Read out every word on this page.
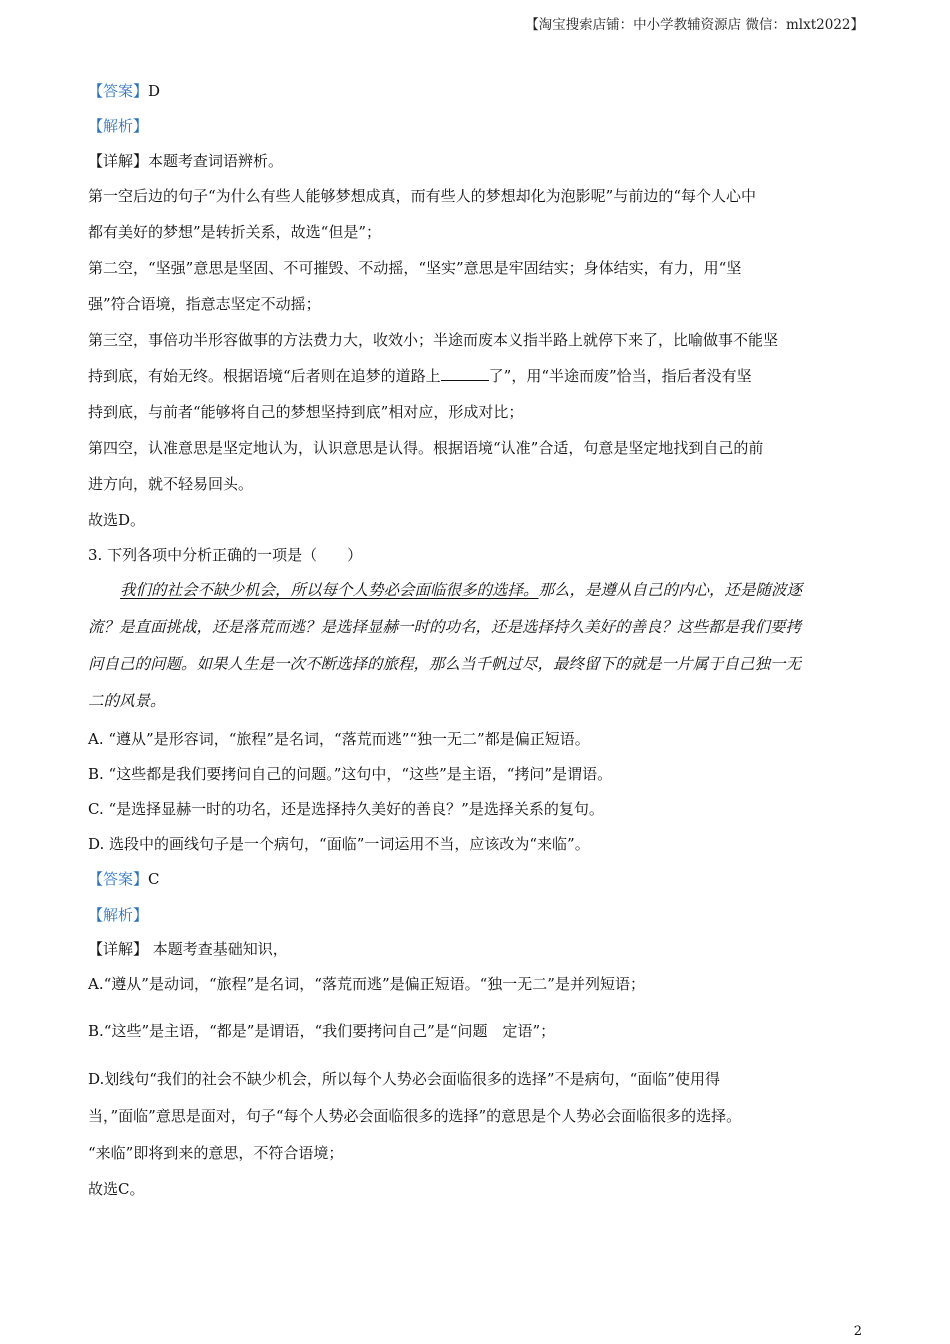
【淘宝搜索店铺：中小学教辅资源店 微信：mlxt2022】
【答案】D
【解析】
【详解】本题考查词语辨析。
第一空后边的句子“为什么有些人能够梦想成真，而有些人的梦想却化为泡影呢”与前边的“每个人心中
都有美好的梦想”是转折关系，故选“但是”；
第二空，“坚强”意思是坚固、不可摧毁、不动摇，“坚实”意思是牢固结实；身体结实，有力，用“坚
强”符合语境，指意志坚定不动摇；
第三空，事倍功半形容做事的方法费力大，收效小；半途而废本义指半路上就停下来了，比喻做事不能坚
持到底，有始无终。根据语境“后者则在追梦的道路上	了”，用“半途而废”恰当，指后者没有坚
持到底，与前者“能够将自己的梦想坚持到底”相对应，形成对比；
第四空，认准意思是坚定地认为，认识意思是认得。根据语境“认准”合适，句意是坚定地找到自己的前
进方向，就不轻易回头。
故选D。
3. 下列各项中分析正确的一项是（　　）
我们的社会不缺少机会，所以每个人势必会面临很多的选择。那么，是遵从自己的内心，还是随波逐
流？是直面挑战，还是落荒而逃？是选择显赫一时的功名，还是选择持久美好的善良？这些都是我们要拷
问自己的问题。如果人生是一次不断选择的旅程，那么当千帆过尽，最终留下的就是一片属于自己独一无
二的风景。
A. “遵从”是形容词，“旅程”是名词，“落荒而逃”“独一无二”都是偏正短语。
B. “这些都是我们要拷问自己的问题。”这句中，“这些”是主语，“拷问”是谓语。
C. “是选择显赫一时的功名，还是选择持久美好的善良？”是选择关系的复句。
D. 选段中的画线句子是一个病句，“面临”一词运用不当，应该改为“来临”。
【答案】C
【解析】
【详解】 本题考查基础知识，
A.“遵从”是动词，“旅程”是名词，“落荒而逃”是偏正短语。“独一无二”是并列短语；
B.“这些”是主语，“都是”是谓语，“我们要拷问自己”是“问题　定语”；
D.划线句“我们的社会不缺少机会，所以每个人势必会面临很多的选择”不是病句，“面临”使用得
当，”面临”意思是面对，句子“每个人势必会面临很多的选择”的意思是个人势必会面临很多的选择。
“来临”即将到来的意思，不符合语境；
故选C。
2
